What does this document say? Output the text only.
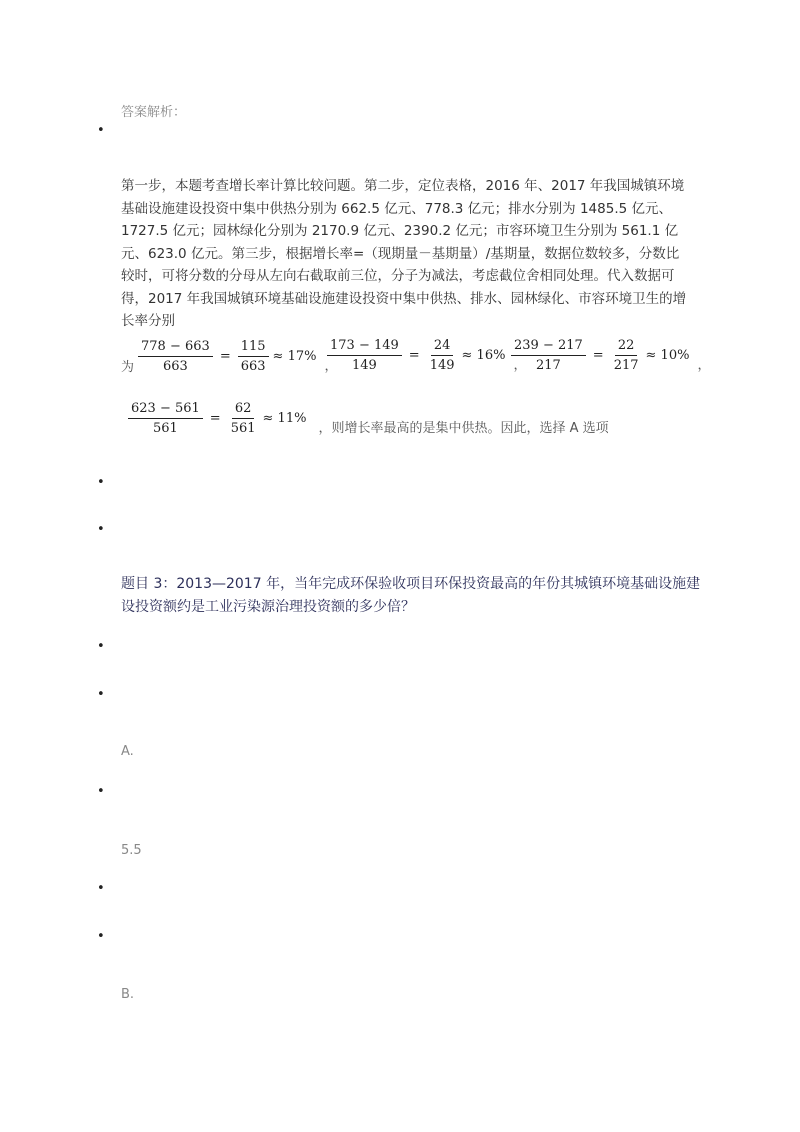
答案解析：
•
第一步，本题考查增长率计算比较问题。第二步，定位表格，2016 年、2017 年我国城镇环境基础设施建设投资中集中供热分别为 662.5 亿元、778.3 亿元；排水分别为 1485.5 亿元、1727.5 亿元；园林绿化分别为 2170.9 亿元、2390.2 亿元；市容环境卫生分别为 561.1 亿元、623.0 亿元。第三步，根据增长率=（现期量－基期量）/基期量，数据位数较多，分数比较时，可将分数的分母从左向右截取前三位，分子为减法，考虑截位舍相同处理。代入数据可得，2017 年我国城镇环境基础设施建设投资中集中供热、排水、园林绿化、市容环境卫生的增长率分别
为 $\frac{778 - 663}{663} = \frac{115}{663} \approx 17\%$
，
$\frac{173 - 149}{149} = \frac{24}{149} \approx 16\%$
，
$\frac{239 - 217}{217} = \frac{22}{217} \approx 10\%$
，
$\frac{623 - 561}{561} = \frac{62}{561} \approx 11\%$
，则增长率最高的是集中供热。因此，选择 A 选项
•
•
题目 3：2013—2017 年，当年完成环保验收项目环保投资最高的年份其城镇环境基础设施建设投资额约是工业污染源治理投资额的多少倍？
•
•
A.
•
5.5
•
•
B.
